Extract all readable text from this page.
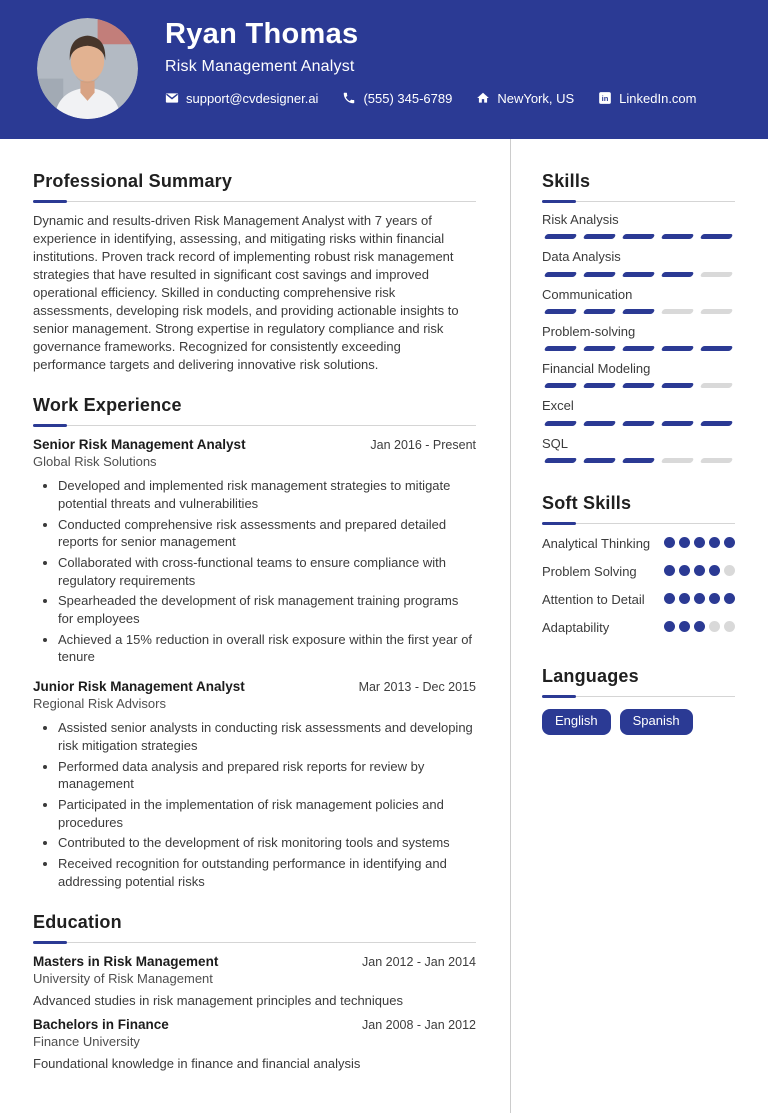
Ryan Thomas
Risk Management Analyst
support@cvdesigner.ai	(555) 345-6789	NewYork, US in LinkedIn.com
Professional Summary

Dynamic and results-driven Risk Management Analyst with 7 years of experience in identifying, assessing, and mitigating risks within financial institutions. Proven track record of implementing robust risk management strategies that have resulted in significant cost savings and improved operational efficiency. Skilled in conducting comprehensive risk assessments, developing risk models, and providing actionable insights to senior management. Strong expertise in regulatory compliance and risk governance frameworks. Recognized for consistently exceeding performance targets and delivering innovative risk solutions.

Work Experience
Senior Risk Management Analyst	Jan 2016 - Present
Global Risk Solutions
• Developed and implemented risk management strategies to mitigate potential threats and vulnerabilities
• Conducted comprehensive risk assessments and prepared detailed reports for senior management
• Collaborated with cross-functional teams to ensure compliance with regulatory requirements
• Spearheaded the development of risk management training programs for employees
• Achieved a 15% reduction in overall risk exposure within the first year of tenure
Junior Risk Management Analyst	Mar 2013 - Dec 2015
Regional Risk Advisors
• Assisted senior analysts in conducting risk assessments and developing risk mitigation strategies
• Performed data analysis and prepared risk reports for review by management
• Participated in the implementation of risk management policies and procedures
• Contributed to the development of risk monitoring tools and systems
• Received recognition for outstanding performance in identifying and addressing potential risks
Education
Masters in Risk Management	Jan 2012 - Jan 2014
University of Risk Management

Advanced studies in risk management principles and techniques

Bachelors in Finance	Jan 2008 - Jan 2012
Finance University

Foundational knowledge in finance and financial analysis

Skills
Risk Analysis
Data Analysis
Communication
Problem-solving
Financial Modeling
Excel
SQL
Soft Skills
Analytical Thinking
Problem Solving
Attention to Detail
Adaptability
Languages
English	Spanish
